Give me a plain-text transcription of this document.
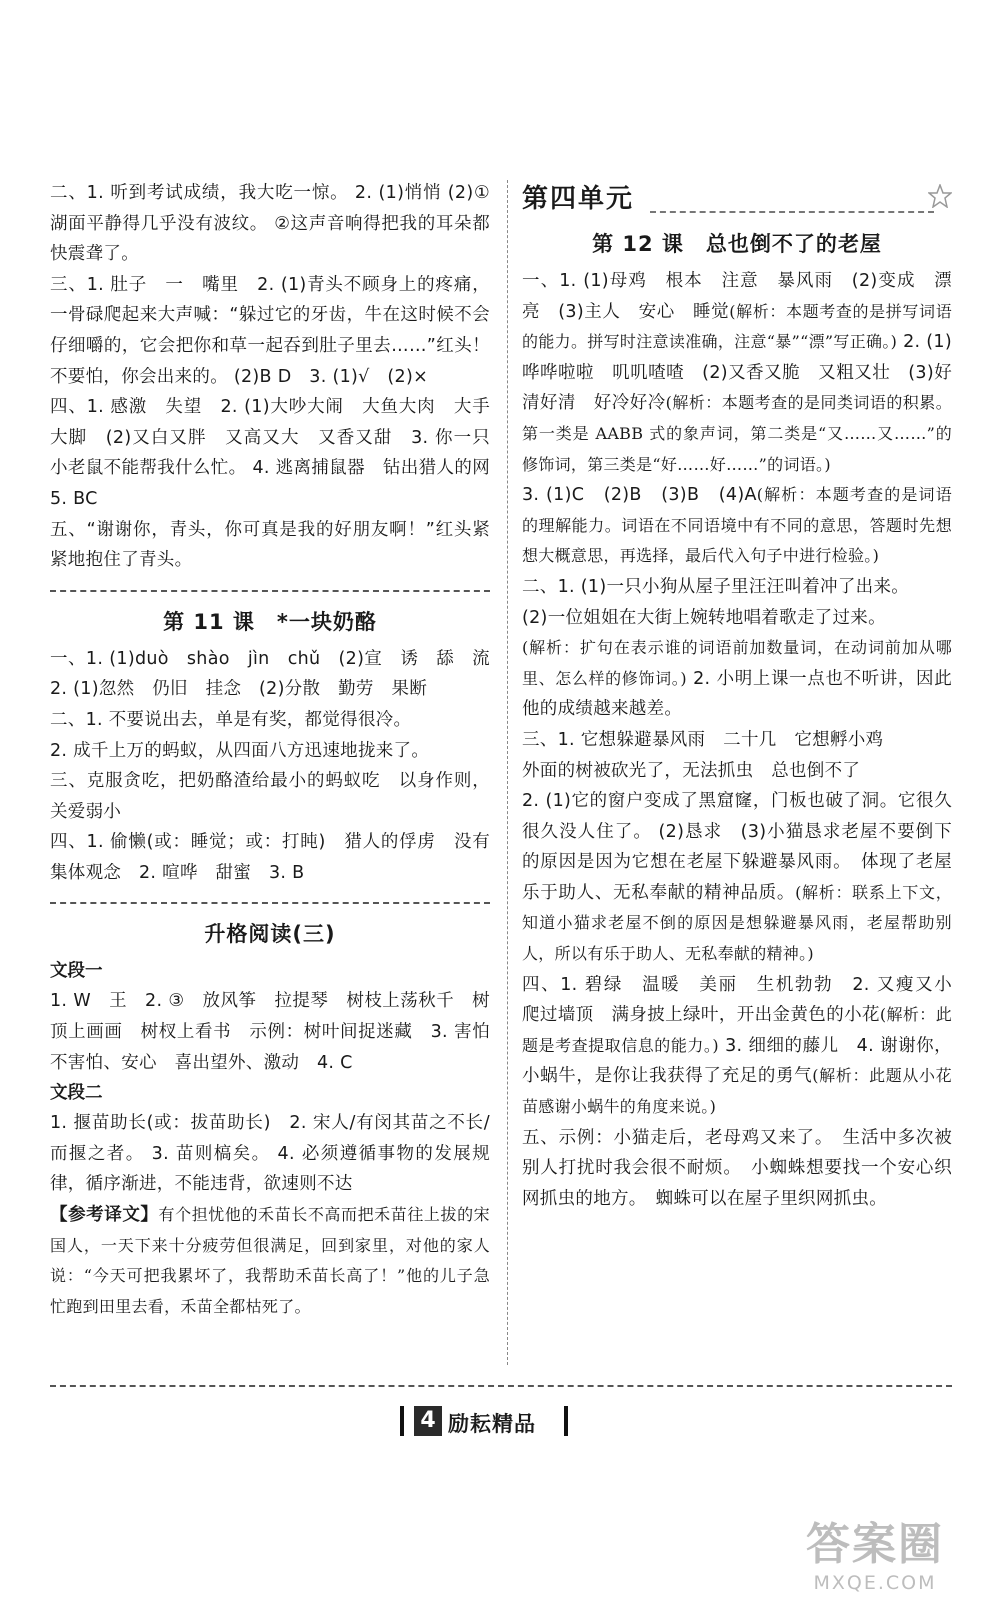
二、1. 听到考试成绩，我大吃一惊。 2. (1)悄悄 (2)①湖面平静得几乎没有波纹。 ②这声音响得把我的耳朵都快震聋了。

三、1. 肚子　一　嘴里　2. (1)青头不顾身上的疼痛，一骨碌爬起来大声喊：“躲过它的牙齿，牛在这时候不会仔细嚼的，它会把你和草一起吞到肚子里去……”红头！不要怕，你会出来的。 (2)B D　3. (1)√　(2)×

四、1. 感激　失望　2. (1)大吵大闹　大鱼大肉　大手大脚　(2)又白又胖　又高又大　又香又甜　3. 你一只小老鼠不能帮我什么忙。 4. 逃离捕鼠器　钻出猎人的网　5. BC

五、“谢谢你，青头，你可真是我的好朋友啊！”红头紧紧地抱住了青头。

第 11 课　*一块奶酪

一、1. (1)duò　shào　jìn　chǔ　(2)宣　诱　舔　流　2. (1)忽然　仍旧　挂念　(2)分散　勤劳　果断

二、1. 不要说出去，单是有奖，都觉得很冷。

2. 成千上万的蚂蚁，从四面八方迅速地拢来了。

三、克服贪吃，把奶酪渣给最小的蚂蚁吃　以身作则，关爱弱小

四、1. 偷懒(或：睡觉；或：打盹)　猎人的俘虏　没有集体观念　2. 喧哗　甜蜜　3. B

升格阅读(三)

文段一

1. W　王　2. ③　放风筝　拉提琴　树枝上荡秋千　树顶上画画　树杈上看书　示例：树叶间捉迷藏　3. 害怕　不害怕、安心　喜出望外、激动　4. C

文段二

1. 揠苗助长(或：拔苗助长)　2. 宋人/有闵其苗之不长/而揠之者。 3. 苗则槁矣。 4. 必须遵循事物的发展规律，循序渐进，不能违背，欲速则不达

【参考译文】有个担忧他的禾苗长不高而把禾苗往上拔的宋国人，一天下来十分疲劳但很满足，回到家里，对他的家人说：“今天可把我累坏了，我帮助禾苗长高了！”他的儿子急忙跑到田里去看，禾苗全都枯死了。

第四单元
第 12 课　总也倒不了的老屋

一、1. (1)母鸡　根本　注意　暴风雨　(2)变成　漂亮　(3)主人　安心　睡觉(解析：本题考查的是拼写词语的能力。拼写时注意读准确，注意“暴”“漂”写正确。) 2. (1)哗哗啦啦　叽叽喳喳　(2)又香又脆　又粗又壮　(3)好清好清　好冷好冷(解析：本题考查的是同类词语的积累。第一类是 AABB 式的象声词，第二类是“又……又……”的修饰词，第三类是“好……好……”的词语。)

3. (1)C　(2)B　(3)B　(4)A(解析：本题考查的是词语的理解能力。词语在不同语境中有不同的意思，答题时先想想大概意思，再选择，最后代入句子中进行检验。)

二、1. (1)一只小狗从屋子里汪汪叫着冲了出来。

(2)一位姐姐在大街上婉转地唱着歌走了过来。

(解析：扩句在表示谁的词语前加数量词，在动词前加从哪里、怎么样的修饰词。) 2. 小明上课一点也不听讲，因此他的成绩越来越差。

三、1. 它想躲避暴风雨　二十几　它想孵小鸡

外面的树被砍光了，无法抓虫　总也倒不了

2. (1)它的窗户变成了黑窟窿，门板也破了洞。它很久很久没人住了。 (2)恳求　(3)小猫恳求老屋不要倒下的原因是因为它想在老屋下躲避暴风雨。　体现了老屋乐于助人、无私奉献的精神品质。(解析：联系上下文，知道小猫求老屋不倒的原因是想躲避暴风雨，老屋帮助别人，所以有乐于助人、无私奉献的精神。)

四、1. 碧绿　温暖　美丽　生机勃勃　2. 又瘦又小　爬过墙顶　满身披上绿叶，开出金黄色的小花(解析：此题是考查提取信息的能力。) 3. 细细的藤儿　4. 谢谢你，小蜗牛，是你让我获得了充足的勇气(解析：此题从小花苗感谢小蜗牛的角度来说。)

五、示例：小猫走后，老母鸡又来了。　生活中多次被别人打扰时我会很不耐烦。　小蜘蛛想要找一个安心织网抓虫的地方。　蜘蛛可以在屋子里织网抓虫。

4 励耘精品
答案圈
MXQE.COM
